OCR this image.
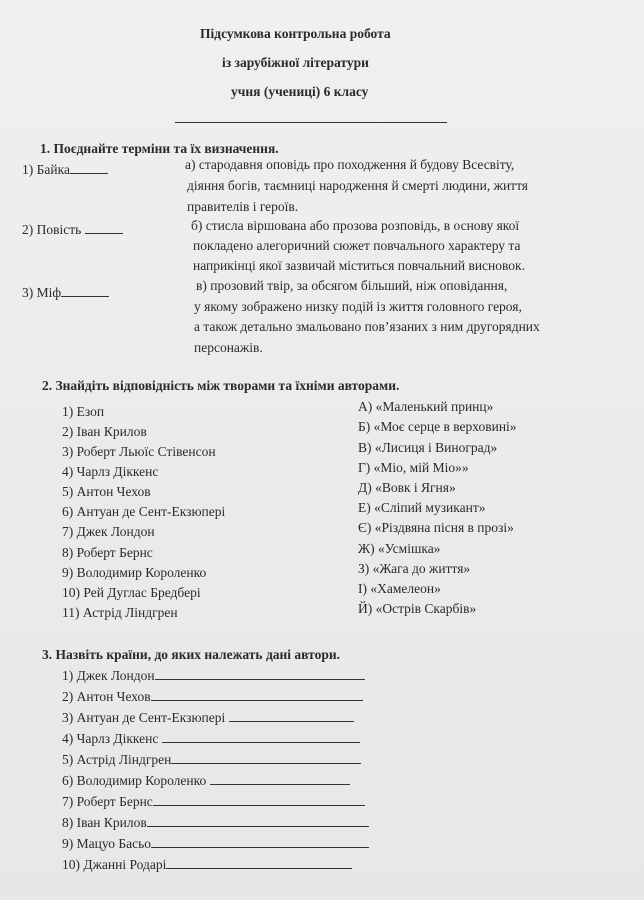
Підсумкова контрольна робота
із зарубіжної літератури
учня (учениці) 6 класу
1. Поєднайте терміни та їх визначення.
1) Байка
2) Повість
3) Міф
а) стародавня оповідь про походження й будову Всесвіту,
діяння богів, таємниці народження й смерті людини, життя
правителів і героїв.
б) стисла віршована або прозова розповідь, в основу якої
покладено алегоричний сюжет повчального характеру та
наприкінці якої зазвичай міститься повчальний висновок.
в) прозовий твір, за обсягом більший, ніж оповідання,
у якому зображено низку подій із життя головного героя,
а також детально змальовано пов’язаних з ним другорядних
персонажів.
2. Знайдіть відповідність між творами та їхніми авторами.
1) Езоп
2) Іван Крилов
3) Роберт Льюїс Стівенсон
4) Чарлз Діккенс
5) Антон Чехов
6) Антуан де Сент-Екзюпері
7) Джек Лондон
8) Роберт Бернс
9) Володимир Короленко
10) Рей Дуглас Бредбері
11) Астрід Ліндгрен
А) «Маленький принц»
Б) «Моє серце в верховині»
В) «Лисиця і Виноград»
Г) «Міо, мій Міо»»
Д) «Вовк і Ягня»
Е) «Сліпий музикант»
Є) «Різдвяна пісня в прозі»
Ж) «Усмішка»
З) «Жага до життя»
І) «Хамелеон»
Й) «Острів Скарбів»
3. Назвіть країни, до яких належать дані автори.
1) Джек Лондон
2) Антон Чехов
3) Антуан де Сент-Екзюпері
4) Чарлз Діккенс
5) Астрід Ліндгрен
6) Володимир Короленко
7) Роберт Бернс
8) Іван Крилов
9) Мацуо Басьо
10) Джанні Родарі
